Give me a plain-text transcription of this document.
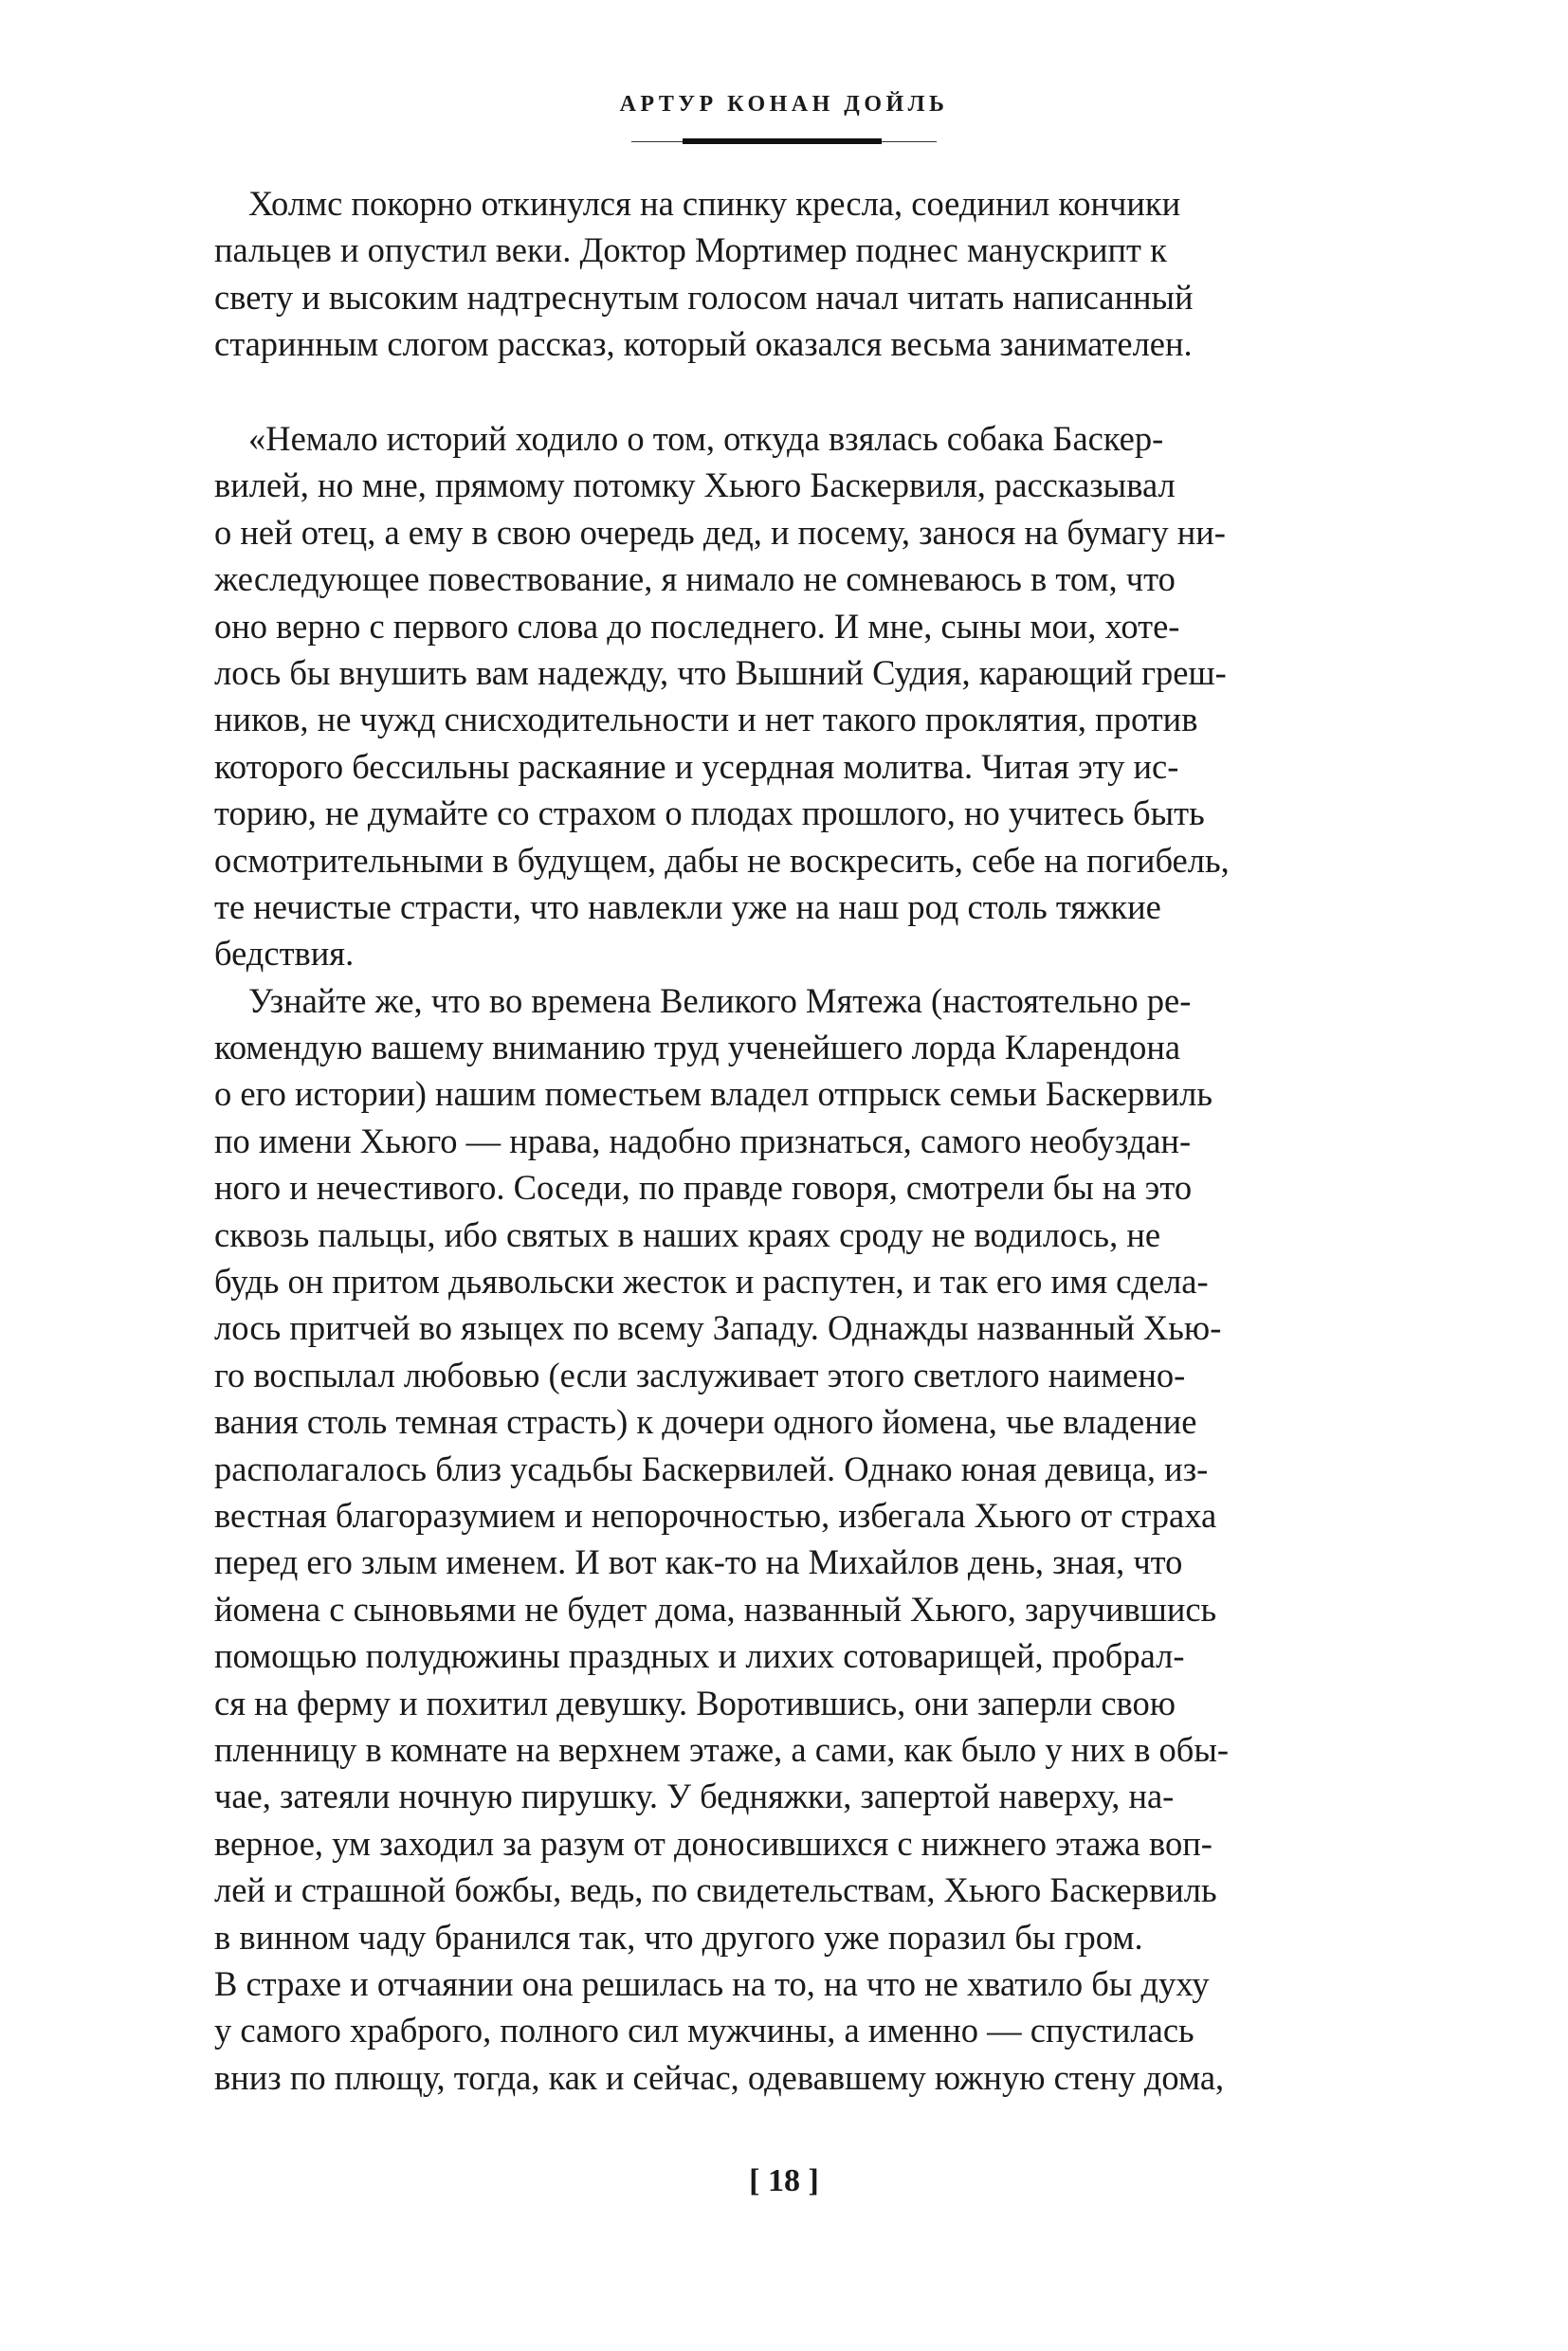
АРТУР КОНАН ДОЙЛЬ
Холмс покорно откинулся на спинку кресла, соединил кончики
пальцев и опустил веки. Доктор Мортимер поднес манускрипт к
свету и высоким надтреснутым голосом начал читать написанный
старинным слогом рассказ, который оказался весьма занимателен.
«Немало историй ходило о том, откуда взялась собака Баскер-
вилей, но мне, прямому потомку Хьюго Баскервиля, рассказывал
о ней отец, а ему в свою очередь дед, и посему, занося на бумагу ни-
жеследующее повествование, я нимало не сомневаюсь в том, что
оно верно с первого слова до последнего. И мне, сыны мои, хоте-
лось бы внушить вам надежду, что Вышний Судия, карающий греш-
ников, не чужд снисходительности и нет такого проклятия, против
которого бессильны раскаяние и усердная молитва. Читая эту ис-
торию, не думайте со страхом о плодах прошлого, но учитесь быть
осмотрительными в будущем, дабы не воскресить, себе на погибель,
те нечистые страсти, что навлекли уже на наш род столь тяжкие
бедствия.
Узнайте же, что во времена Великого Мятежа (настоятельно ре-
комендую вашему вниманию труд ученейшего лорда Кларендона
о его истории) нашим поместьем владел отпрыск семьи Баскервиль
по имени Хьюго — нрава, надобно признаться, самого необуздан-
ного и нечестивого. Соседи, по правде говоря, смотрели бы на это
сквозь пальцы, ибо святых в наших краях сроду не водилось, не
будь он притом дьявольски жесток и распутен, и так его имя сдела-
лось притчей во языцех по всему Западу. Однажды названный Хью-
го воспылал любовью (если заслуживает этого светлого наимено-
вания столь темная страсть) к дочери одного йомена, чье владение
располагалось близ усадьбы Баскервилей. Однако юная девица, из-
вестная благоразумием и непорочностью, избегала Хьюго от страха
перед его злым именем. И вот как-то на Михайлов день, зная, что
йомена с сыновьями не будет дома, названный Хьюго, заручившись
помощью полудюжины праздных и лихих сотоварищей, пробрал-
ся на ферму и похитил девушку. Воротившись, они заперли свою
пленницу в комнате на верхнем этаже, а сами, как было у них в обы-
чае, затеяли ночную пирушку. У бедняжки, запертой наверху, на-
верное, ум заходил за разум от доносившихся с нижнего этажа воп-
лей и страшной божбы, ведь, по свидетельствам, Хьюго Баскервиль
в винном чаду бранился так, что другого уже поразил бы гром.
В страхе и отчаянии она решилась на то, на что не хватило бы духу
у самого храброго, полного сил мужчины, а именно — спустилась
вниз по плющу, тогда, как и сейчас, одевавшему южную стену дома,
[ 18 ]
